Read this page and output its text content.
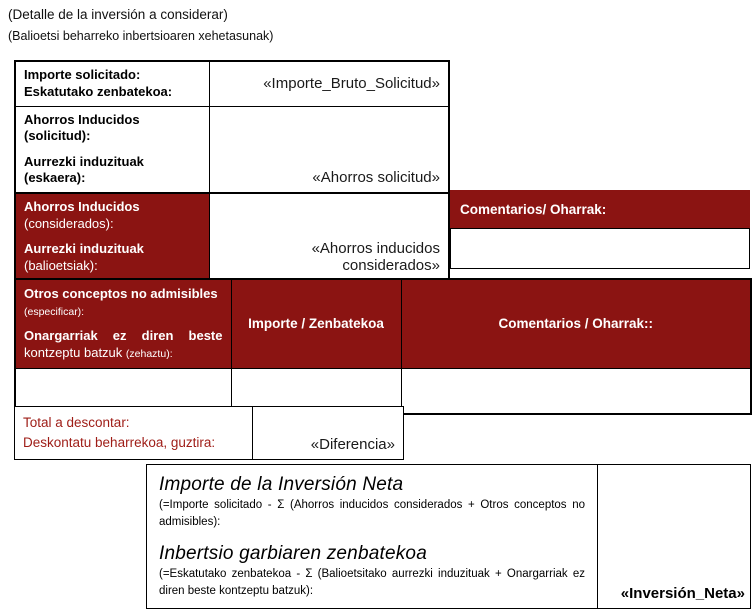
(Detalle de la inversión a considerar)
(Balioetsi beharreko inbertsioaren xehetasunak)
Importe solicitado:
Eskatutako zenbatekoa:	«Importe_Bruto_Solicitud»

Ahorros Inducidos (solicitud):
Aurrezki induzituak (eskaera):	«Ahorros solicitud»

Ahorros Inducidos
(considerados):
Aurrezki induzituak
(balioetsiak):	«Ahorros inducidos considerados»
Comentarios/ Oharrak:
Otros conceptos no admisibles (especificar):
Onargarriak ez diren beste kontzeptu batzuk (zehaztu):	Importe / Zenbatekoa	Comentarios / Oharrak::

Total a descontar:
Deskontatu beharrekoa, guztira:	«Diferencia»
Importe de la Inversión Neta
(=Importe solicitado - Σ (Ahorros inducidos considerados + Otros conceptos no admisibles):
Inbertsio garbiaren zenbatekoa
(=Eskatutako zenbatekoa - Σ (Balioetsitako aurrezki induzituak + Onargarriak ez diren beste kontzeptu batzuk):	«Inversión_Neta»
